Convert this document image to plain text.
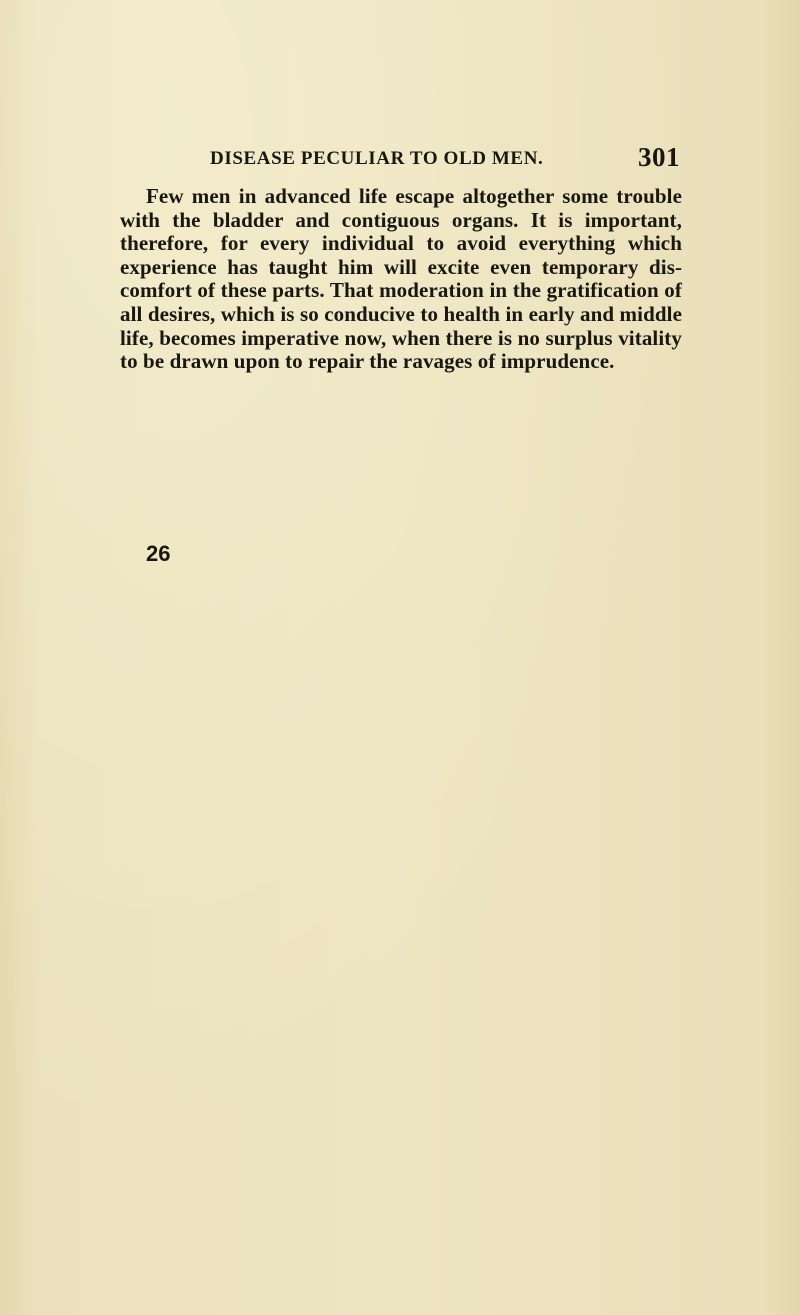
DISEASE PECULIAR TO OLD MEN.	301

Few men in advanced life escape altogether some trouble with the bladder and contiguous organs. It is important, therefore, for every individual to avoid everything which experience has taught him will excite even temporary discomfort of these parts. That moderation in the gratification of all desires, which is so conducive to health in early and middle life, becomes imperative now, when there is no surplus vitality to be drawn upon to repair the ravages of imprudence.

26
